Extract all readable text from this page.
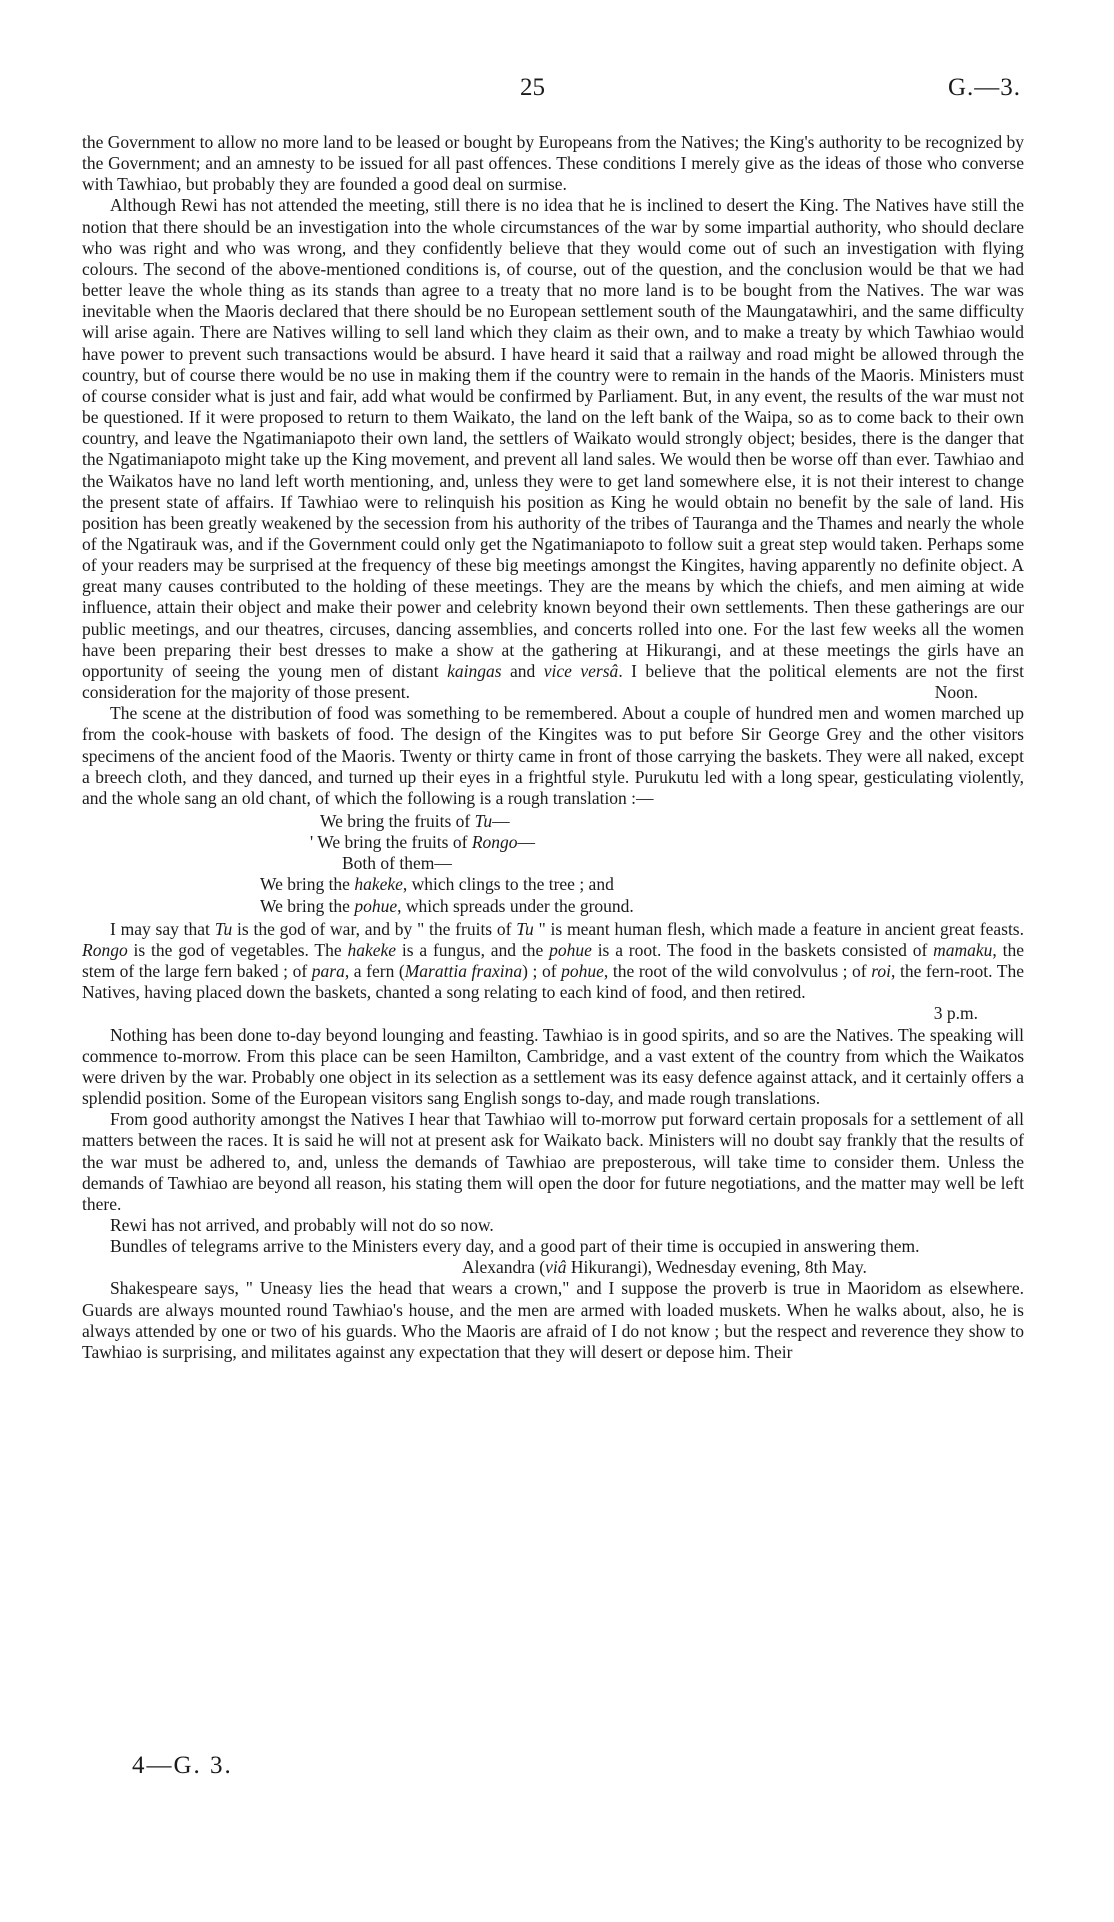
25	G.—3.

the Government to allow no more land to be leased or bought by Europeans from the Natives; the King's authority to be recognized by the Government; and an amnesty to be issued for all past offences. These conditions I merely give as the ideas of those who converse with Tawhiao, but probably they are founded a good deal on surmise.

Although Rewi has not attended the meeting, still there is no idea that he is inclined to desert the King. The Natives have still the notion that there should be an investigation into the whole circumstances of the war by some impartial authority, who should declare who was right and who was wrong, and they confidently believe that they would come out of such an investigation with flying colours. The second of the above-mentioned conditions is, of course, out of the question, and the conclusion would be that we had better leave the whole thing as its stands than agree to a treaty that no more land is to be bought from the Natives. The war was inevitable when the Maoris declared that there should be no European settlement south of the Maungatawhiri, and the same difficulty will arise again. There are Natives willing to sell land which they claim as their own, and to make a treaty by which Tawhiao would have power to prevent such transactions would be absurd. I have heard it said that a railway and road might be allowed through the country, but of course there would be no use in making them if the country were to remain in the hands of the Maoris. Ministers must of course consider what is just and fair, add what would be confirmed by Parliament. But, in any event, the results of the war must not be questioned. If it were proposed to return to them Waikato, the land on the left bank of the Waipa, so as to come back to their own country, and leave the Ngatimaniapoto their own land, the settlers of Waikato would strongly object; besides, there is the danger that the Ngatimaniapoto might take up the King movement, and prevent all land sales. We would then be worse off than ever. Tawhiao and the Waikatos have no land left worth mentioning, and, unless they were to get land somewhere else, it is not their interest to change the present state of affairs. If Tawhiao were to relinquish his position as King he would obtain no benefit by the sale of land. His position has been greatly weakened by the secession from his authority of the tribes of Tauranga and the Thames and nearly the whole of the Ngatirauk was, and if the Government could only get the Ngatimaniapoto to follow suit a great step would taken. Perhaps some of your readers may be surprised at the frequency of these big meetings amongst the Kingites, having apparently no definite object. A great many causes contributed to the holding of these meetings. They are the means by which the chiefs, and men aiming at wide influence, attain their object and make their power and celebrity known beyond their own settlements. Then these gatherings are our public meetings, and our theatres, circuses, dancing assemblies, and concerts rolled into one. For the last few weeks all the women have been preparing their best dresses to make a show at the gathering at Hikurangi, and at these meetings the girls have an opportunity of seeing the young men of distant kaingas and vice versâ. I believe that the political elements are not the first consideration for the majority of those present.	Noon.

The scene at the distribution of food was something to be remembered. About a couple of hundred men and women marched up from the cook-house with baskets of food. The design of the Kingites was to put before Sir George Grey and the other visitors specimens of the ancient food of the Maoris. Twenty or thirty came in front of those carrying the baskets. They were all naked, except a breech cloth, and they danced, and turned up their eyes in a frightful style. Purukutu led with a long spear, gesticulating violently, and the whole sang an old chant, of which the following is a rough translation :—

We bring the fruits of Tu—
' We bring the fruits of Rongo—
Both of them—
We bring the hakeke, which clings to the tree ; and
We bring the pohue, which spreads under the ground.

I may say that Tu is the god of war, and by " the fruits of Tu " is meant human flesh, which made a feature in ancient great feasts. Rongo is the god of vegetables. The hakeke is a fungus, and the pohue is a root. The food in the baskets consisted of mamaku, the stem of the large fern baked ; of para, a fern (Marattia fraxina) ; of pohue, the root of the wild convolvulus ; of roi, the fern-root. The Natives, having placed down the baskets, chanted a song relating to each kind of food, and then retired.

3 p.m.

Nothing has been done to-day beyond lounging and feasting. Tawhiao is in good spirits, and so are the Natives. The speaking will commence to-morrow. From this place can be seen Hamilton, Cambridge, and a vast extent of the country from which the Waikatos were driven by the war. Probably one object in its selection as a settlement was its easy defence against attack, and it certainly offers a splendid position. Some of the European visitors sang English songs to-day, and made rough translations.

From good authority amongst the Natives I hear that Tawhiao will to-morrow put forward certain proposals for a settlement of all matters between the races. It is said he will not at present ask for Waikato back. Ministers will no doubt say frankly that the results of the war must be adhered to, and, unless the demands of Tawhiao are preposterous, will take time to consider them. Unless the demands of Tawhiao are beyond all reason, his stating them will open the door for future negotiations, and the matter may well be left there.

Rewi has not arrived, and probably will not do so now.

Bundles of telegrams arrive to the Ministers every day, and a good part of their time is occupied in answering them.

Alexandra (viâ Hikurangi), Wednesday evening, 8th May.

Shakespeare says, " Uneasy lies the head that wears a crown," and I suppose the proverb is true in Maoridom as elsewhere. Guards are always mounted round Tawhiao's house, and the men are armed with loaded muskets. When he walks about, also, he is always attended by one or two of his guards. Who the Maoris are afraid of I do not know ; but the respect and reverence they show to Tawhiao is surprising, and militates against any expectation that they will desert or depose him. Their

4—G. 3.
